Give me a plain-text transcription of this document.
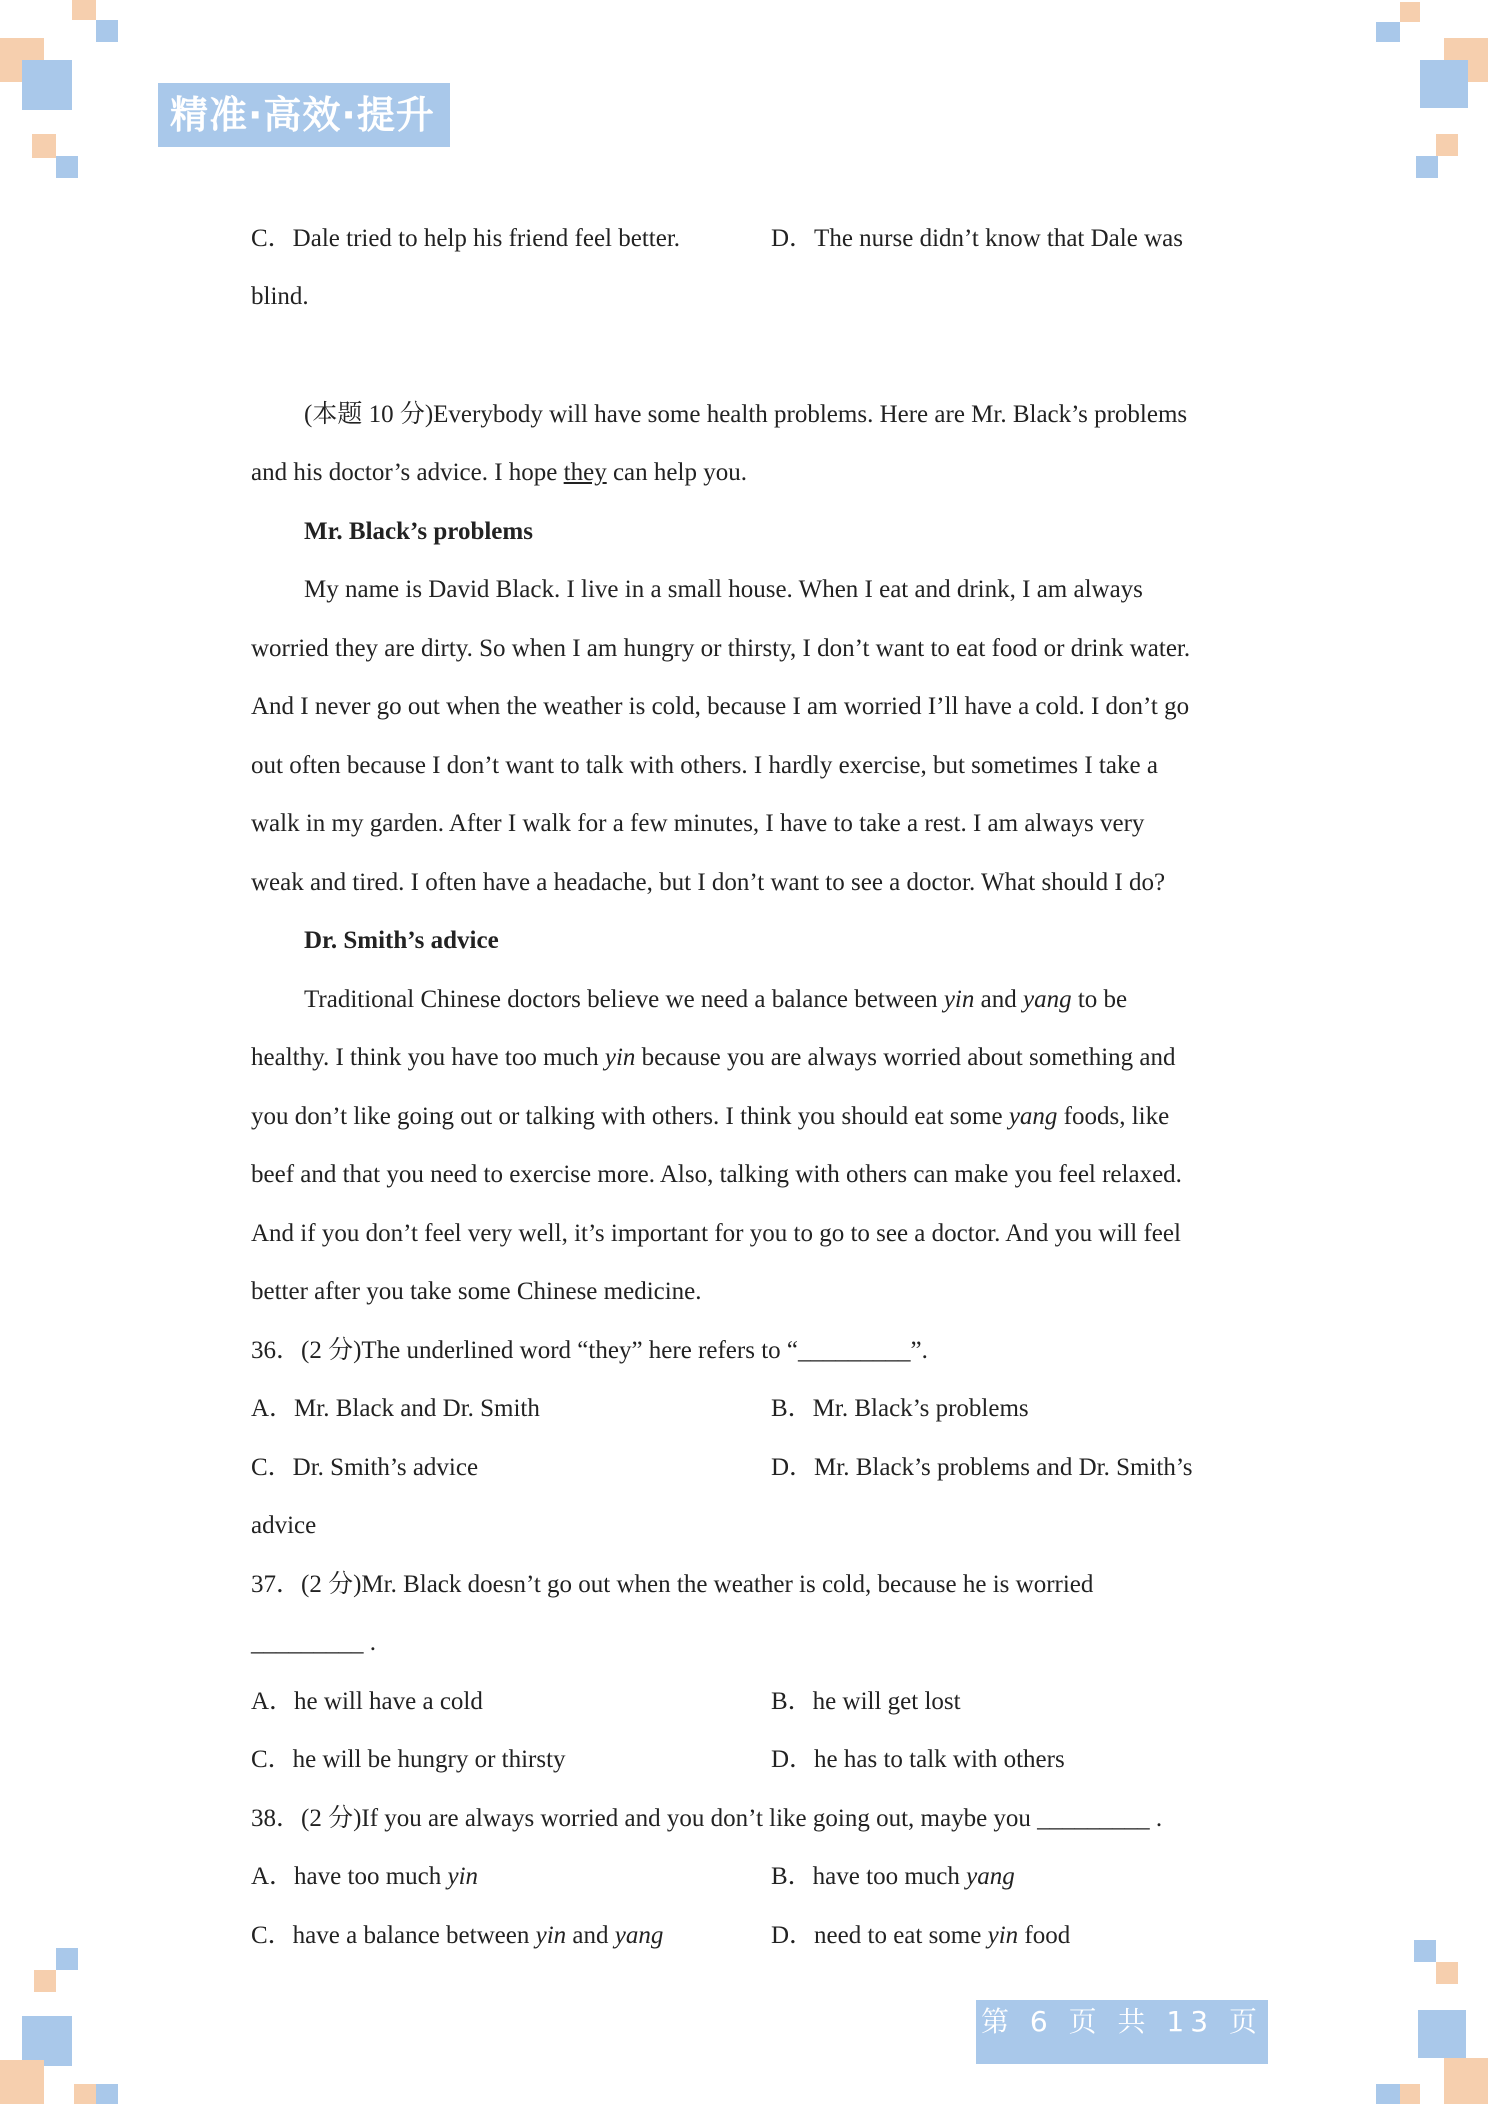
精准·高效·提升
C．Dale tried to help his friend feel better.	D．The nurse didn’t know that Dale was
blind.
(本题 10 分)Everybody will have some health problems. Here are Mr. Black’s problems
and his doctor’s advice. I hope they can help you.
Mr. Black’s problems
My name is David Black. I live in a small house. When I eat and drink, I am always
worried they are dirty. So when I am hungry or thirsty, I don’t want to eat food or drink water.
And I never go out when the weather is cold, because I am worried I’ll have a cold. I don’t go
out often because I don’t want to talk with others. I hardly exercise, but sometimes I take a
walk in my garden. After I walk for a few minutes, I have to take a rest. I am always very
weak and tired. I often have a headache, but I don’t want to see a doctor. What should I do?
Dr. Smith’s advice
Traditional Chinese doctors believe we need a balance between yin and yang to be
healthy. I think you have too much yin because you are always worried about something and
you don’t like going out or talking with others. I think you should eat some yang foods, like
beef and that you need to exercise more. Also, talking with others can make you feel relaxed.
And if you don’t feel very well, it’s important for you to go to see a doctor. And you will feel
better after you take some Chinese medicine.
36．(2 分)The underlined word “they” here refers to “_________”.
A．Mr. Black and Dr. Smith	B．Mr. Black’s problems
C．Dr. Smith’s advice	D．Mr. Black’s problems and Dr. Smith’s
advice
37．(2 分)Mr. Black doesn’t go out when the weather is cold, because he is worried
_________ .
A．he will have a cold	B．he will get lost
C．he will be hungry or thirsty	D．he has to talk with others
38．(2 分)If you are always worried and you don’t like going out, maybe you _________ .
A．have too much yin	B．have too much yang
C．have a balance between yin and yang	D．need to eat some yin food
第 6 页 共 13 页
